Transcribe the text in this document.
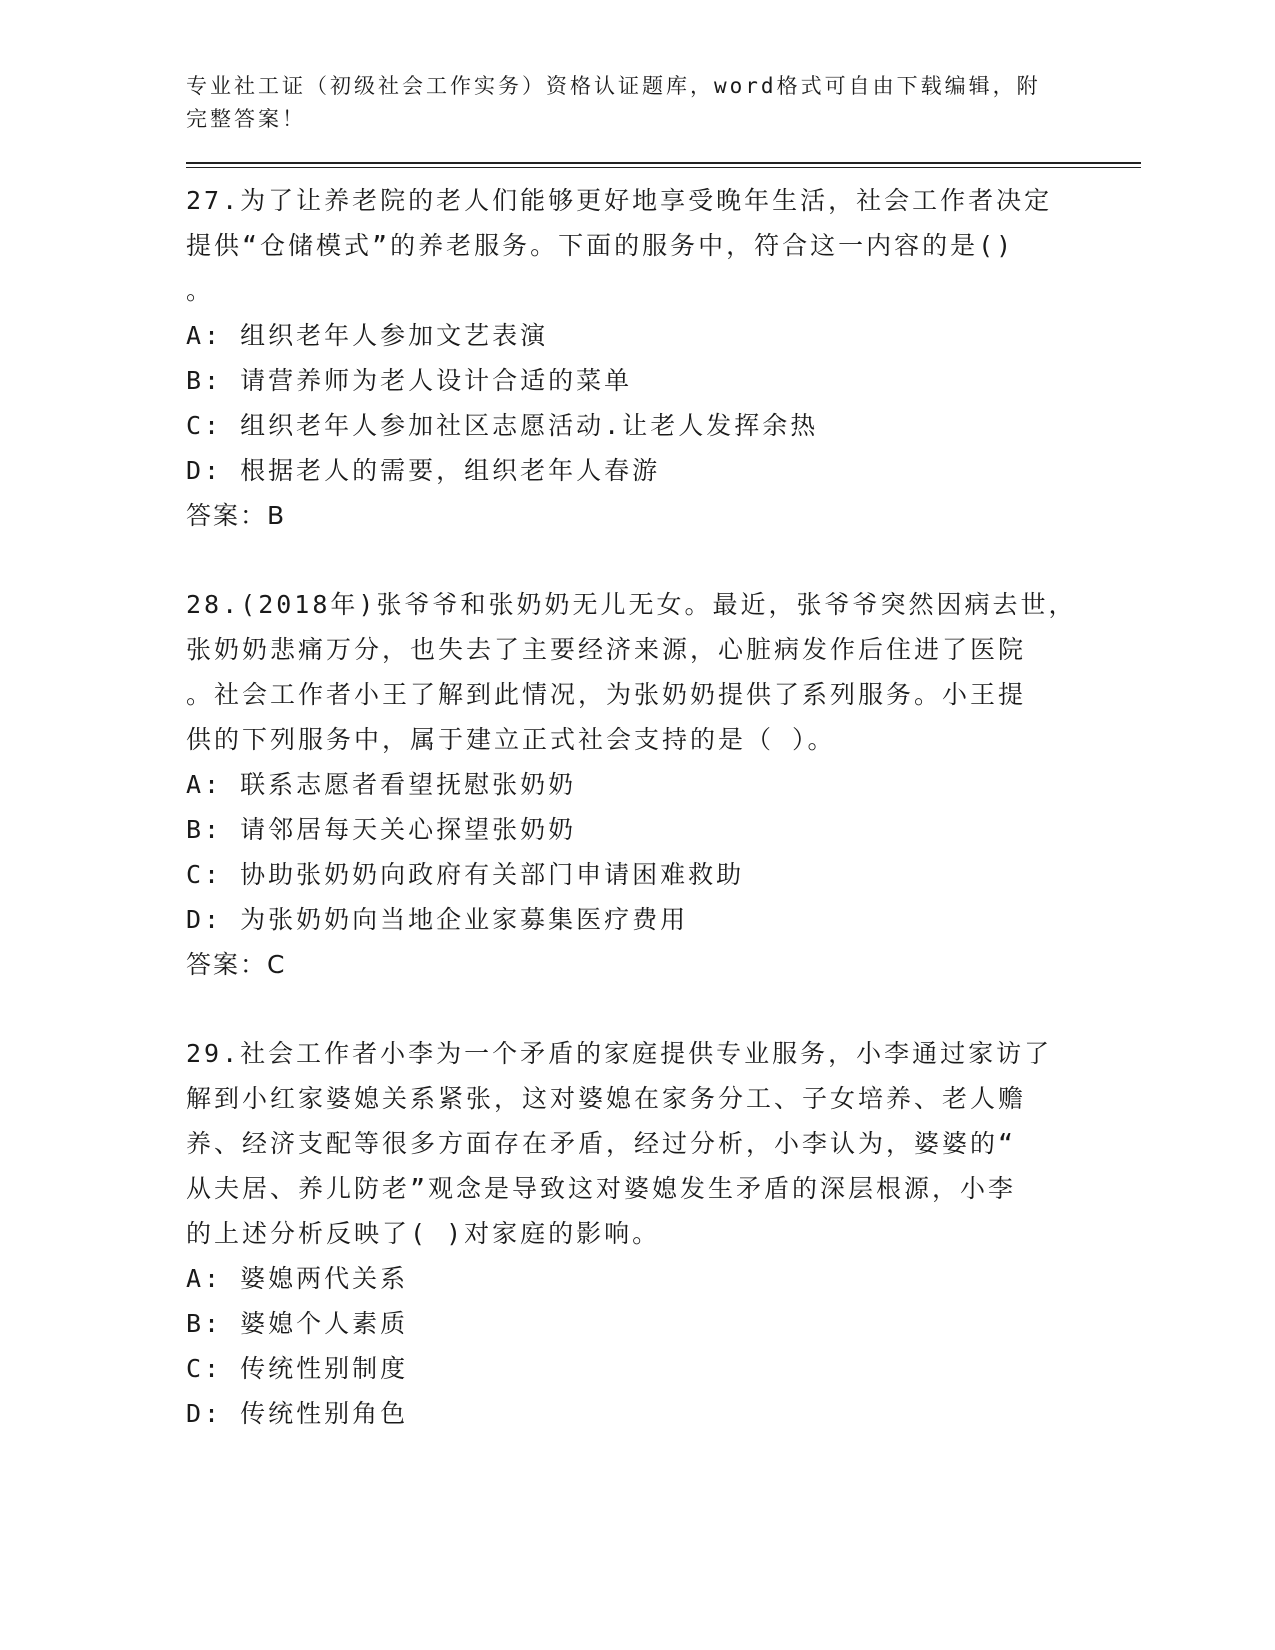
专业社工证（初级社会工作实务）资格认证题库，word格式可自由下载编辑，附
完整答案！
27.为了让养老院的老人们能够更好地享受晚年生活，社会工作者决定
提供“仓储模式”的养老服务。下面的服务中，符合这一内容的是()
。
A: 组织老年人参加文艺表演
B: 请营养师为老人设计合适的菜单
C: 组织老年人参加社区志愿活动.让老人发挥余热
D: 根据老人的需要，组织老年人春游
答案：B
28.(2018年)张爷爷和张奶奶无儿无女。最近，张爷爷突然因病去世，
张奶奶悲痛万分，也失去了主要经济来源，心脏病发作后住进了医院
。社会工作者小王了解到此情况，为张奶奶提供了系列服务。小王提
供的下列服务中，属于建立正式社会支持的是（ ）。
A: 联系志愿者看望抚慰张奶奶
B: 请邻居每天关心探望张奶奶
C: 协助张奶奶向政府有关部门申请困难救助
D: 为张奶奶向当地企业家募集医疗费用
答案：C
29.社会工作者小李为一个矛盾的家庭提供专业服务，小李通过家访了
解到小红家婆媳关系紧张，这对婆媳在家务分工、子女培养、老人赡
养、经济支配等很多方面存在矛盾，经过分析，小李认为，婆婆的“
从夫居、养儿防老”观念是导致这对婆媳发生矛盾的深层根源，小李
的上述分析反映了( )对家庭的影响。
A: 婆媳两代关系
B: 婆媳个人素质
C: 传统性别制度
D: 传统性别角色
